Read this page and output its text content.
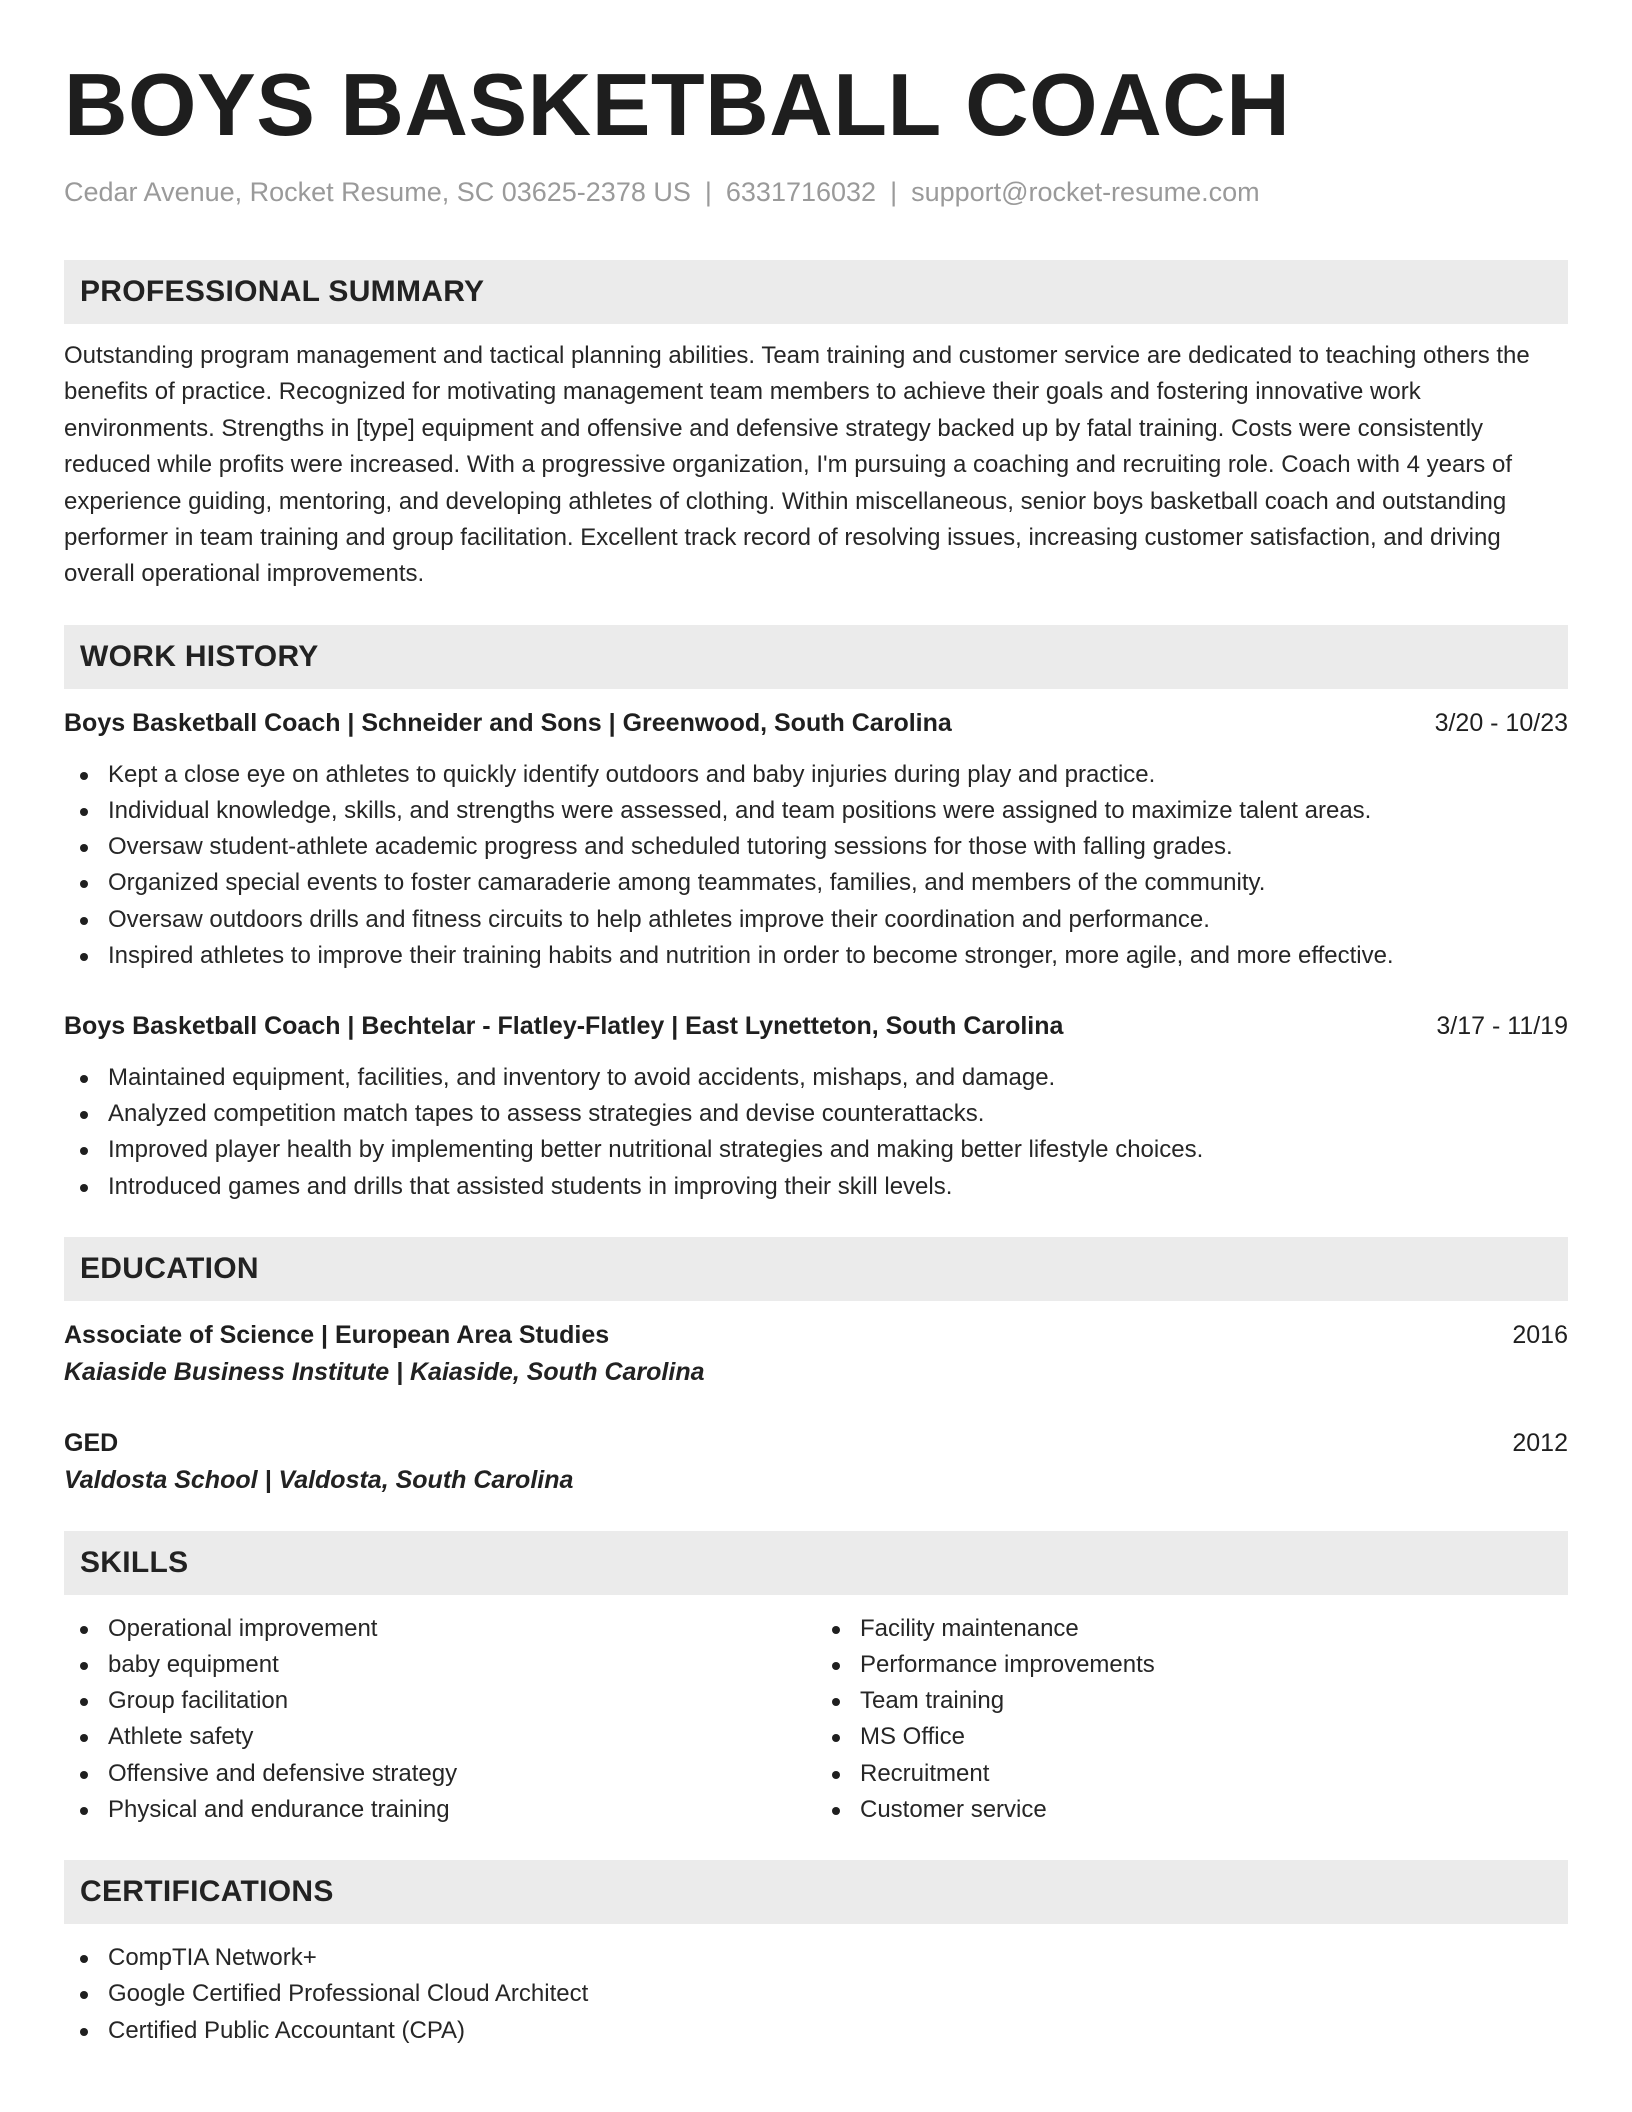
BOYS BASKETBALL COACH
Cedar Avenue, Rocket Resume, SC 03625-2378 US | 6331716032 | support@rocket-resume.com
PROFESSIONAL SUMMARY
Outstanding program management and tactical planning abilities. Team training and customer service are dedicated to teaching others the benefits of practice. Recognized for motivating management team members to achieve their goals and fostering innovative work environments. Strengths in [type] equipment and offensive and defensive strategy backed up by fatal training. Costs were consistently reduced while profits were increased. With a progressive organization, I'm pursuing a coaching and recruiting role. Coach with 4 years of experience guiding, mentoring, and developing athletes of clothing. Within miscellaneous, senior boys basketball coach and outstanding performer in team training and group facilitation. Excellent track record of resolving issues, increasing customer satisfaction, and driving overall operational improvements.
WORK HISTORY
Boys Basketball Coach | Schneider and Sons | Greenwood, South Carolina	3/20 - 10/23
Kept a close eye on athletes to quickly identify outdoors and baby injuries during play and practice.
Individual knowledge, skills, and strengths were assessed, and team positions were assigned to maximize talent areas.
Oversaw student-athlete academic progress and scheduled tutoring sessions for those with falling grades.
Organized special events to foster camaraderie among teammates, families, and members of the community.
Oversaw outdoors drills and fitness circuits to help athletes improve their coordination and performance.
Inspired athletes to improve their training habits and nutrition in order to become stronger, more agile, and more effective.
Boys Basketball Coach | Bechtelar - Flatley-Flatley | East Lynetteton, South Carolina	3/17 - 11/19
Maintained equipment, facilities, and inventory to avoid accidents, mishaps, and damage.
Analyzed competition match tapes to assess strategies and devise counterattacks.
Improved player health by implementing better nutritional strategies and making better lifestyle choices.
Introduced games and drills that assisted students in improving their skill levels.
EDUCATION
Associate of Science | European Area Studies	2016
Kaiaside Business Institute | Kaiaside, South Carolina
GED	2012
Valdosta School | Valdosta, South Carolina
SKILLS
Operational improvement
baby equipment
Group facilitation
Athlete safety
Offensive and defensive strategy
Physical and endurance training
Facility maintenance
Performance improvements
Team training
MS Office
Recruitment
Customer service
CERTIFICATIONS
CompTIA Network+
Google Certified Professional Cloud Architect
Certified Public Accountant (CPA)
